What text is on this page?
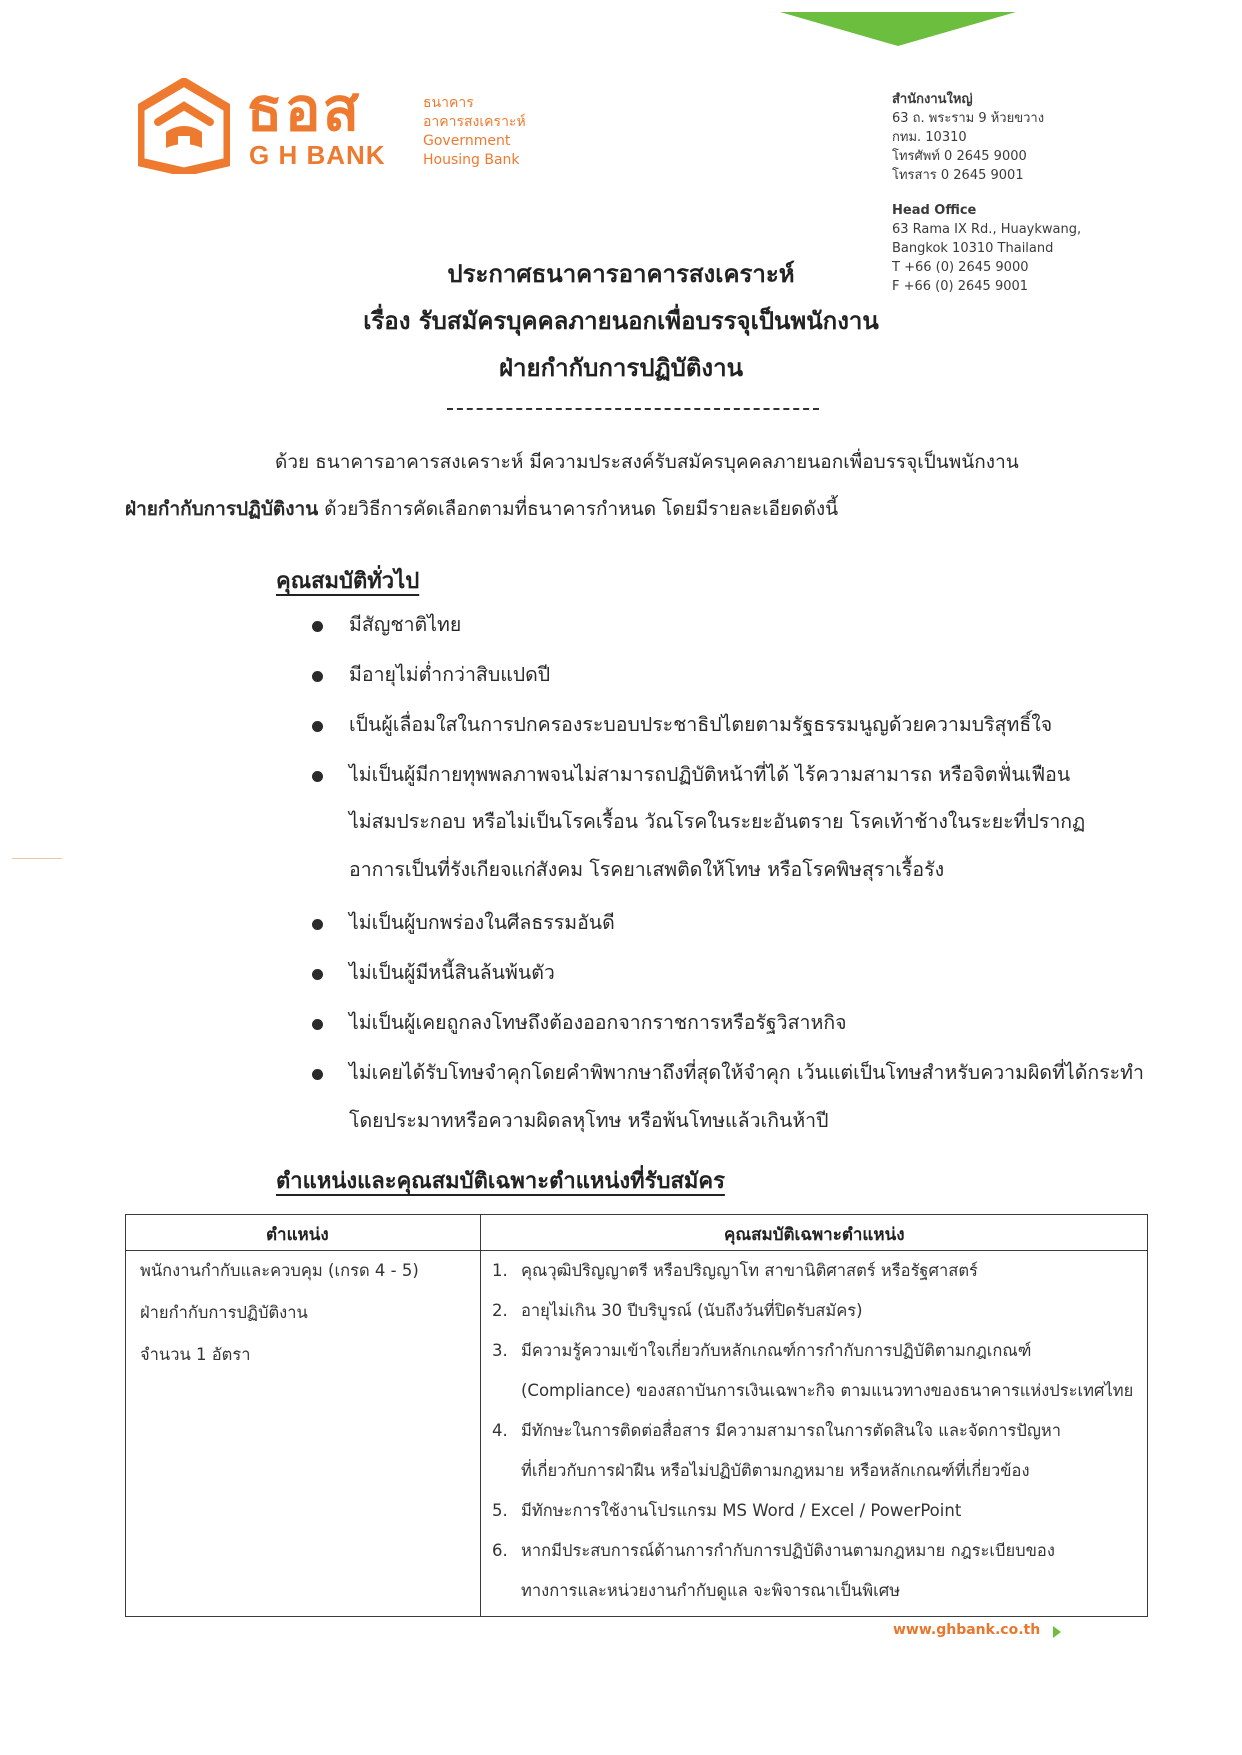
ธอส
G H BANK
ธนาคาร
อาคารสงเคราะห์
Government
Housing Bank
สำนักงานใหญ่
63 ถ. พระราม 9 ห้วยขวาง
กทม. 10310
โทรศัพท์ 0 2645 9000
โทรสาร 0 2645 9001
Head Office
63 Rama IX Rd., Huaykwang,
Bangkok 10310 Thailand
T +66 (0) 2645 9000
F +66 (0) 2645 9001
ประกาศธนาคารอาคารสงเคราะห์
เรื่อง รับสมัครบุคคลภายนอกเพื่อบรรจุเป็นพนักงาน
ฝ่ายกำกับการปฏิบัติงาน
ด้วย ธนาคารอาคารสงเคราะห์ มีความประสงค์รับสมัครบุคคลภายนอกเพื่อบรรจุเป็นพนักงาน
ฝ่ายกำกับการปฏิบัติงาน ด้วยวิธีการคัดเลือกตามที่ธนาคารกำหนด โดยมีรายละเอียดดังนี้
คุณสมบัติทั่วไป
มีสัญชาติไทย
มีอายุไม่ต่ำกว่าสิบแปดปี
เป็นผู้เลื่อมใสในการปกครองระบอบประชาธิปไตยตามรัฐธรรมนูญด้วยความบริสุทธิ์ใจ
ไม่เป็นผู้มีกายทุพพลภาพจนไม่สามารถปฏิบัติหน้าที่ได้ ไร้ความสามารถ หรือจิตฟั่นเฟือน
ไม่สมประกอบ หรือไม่เป็นโรคเรื้อน วัณโรคในระยะอันตราย โรคเท้าช้างในระยะที่ปรากฏ
อาการเป็นที่รังเกียจแก่สังคม โรคยาเสพติดให้โทษ หรือโรคพิษสุราเรื้อรัง
ไม่เป็นผู้บกพร่องในศีลธรรมอันดี
ไม่เป็นผู้มีหนี้สินล้นพ้นตัว
ไม่เป็นผู้เคยถูกลงโทษถึงต้องออกจากราชการหรือรัฐวิสาหกิจ
ไม่เคยได้รับโทษจำคุกโดยคำพิพากษาถึงที่สุดให้จำคุก เว้นแต่เป็นโทษสำหรับความผิดที่ได้กระทำ
โดยประมาทหรือความผิดลหุโทษ หรือพ้นโทษแล้วเกินห้าปี
ตำแหน่งและคุณสมบัติเฉพาะตำแหน่งที่รับสมัคร
ตำแหน่ง	คุณสมบัติเฉพาะตำแหน่ง
พนักงานกำกับและควบคุม (เกรด 4 - 5)
ฝ่ายกำกับการปฏิบัติงาน
จำนวน 1 อัตรา
1. คุณวุฒิปริญญาตรี หรือปริญญาโท สาขานิติศาสตร์ หรือรัฐศาสตร์
2. อายุไม่เกิน 30 ปีบริบูรณ์ (นับถึงวันที่ปิดรับสมัคร)
3. มีความรู้ความเข้าใจเกี่ยวกับหลักเกณฑ์การกำกับการปฏิบัติตามกฎเกณฑ์
(Compliance) ของสถาบันการเงินเฉพาะกิจ ตามแนวทางของธนาคารแห่งประเทศไทย
4. มีทักษะในการติดต่อสื่อสาร มีความสามารถในการตัดสินใจ และจัดการปัญหา
ที่เกี่ยวกับการฝ่าฝืน หรือไม่ปฏิบัติตามกฎหมาย หรือหลักเกณฑ์ที่เกี่ยวข้อง
5. มีทักษะการใช้งานโปรแกรม MS Word / Excel / PowerPoint
6. หากมีประสบการณ์ด้านการกำกับการปฏิบัติงานตามกฎหมาย กฎระเบียบของ
ทางการและหน่วยงานกำกับดูแล จะพิจารณาเป็นพิเศษ
www.ghbank.co.th
